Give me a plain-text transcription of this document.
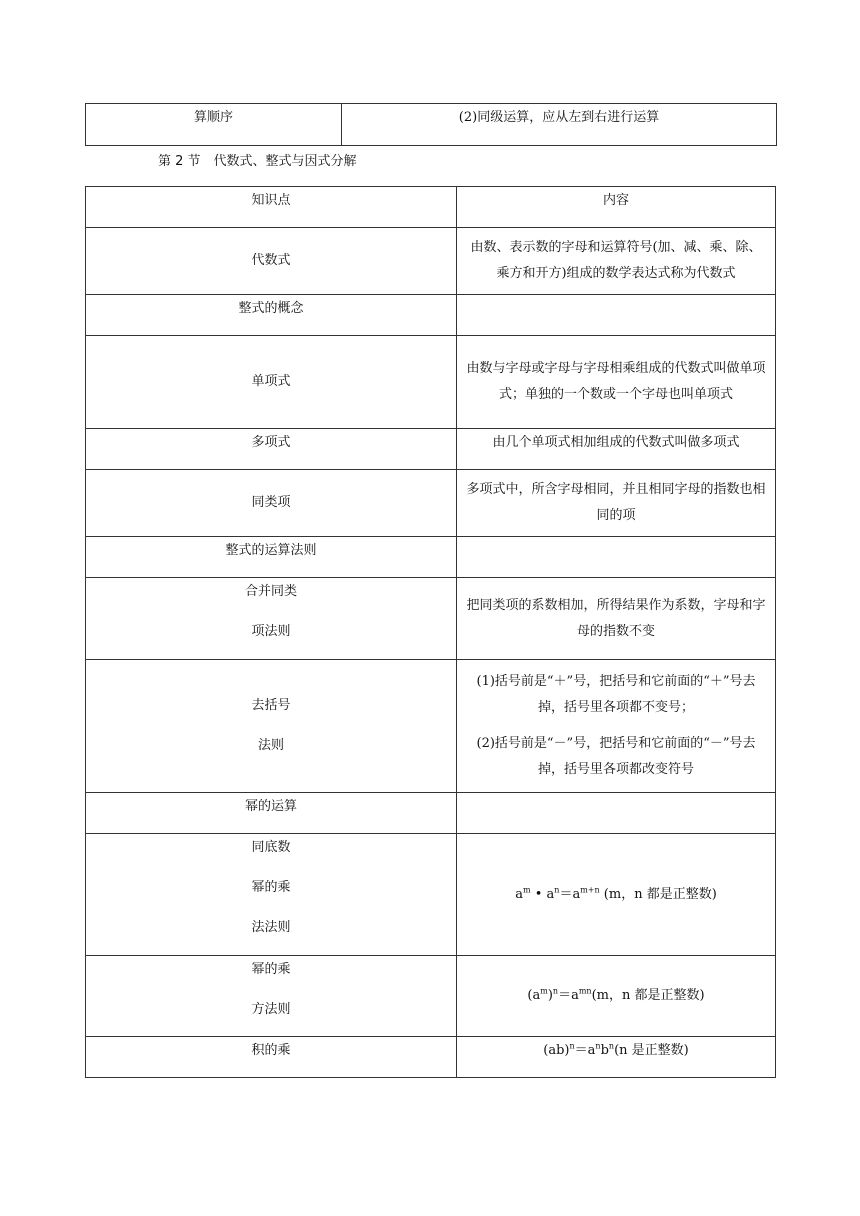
算顺序	(2)同级运算，应从左到右进行运算
第 2 节　代数式、整式与因式分解
知识点	内容
代数式	由数、表示数的字母和运算符号(加、减、乘、除、乘方和开方)组成的数学表达式称为代数式
整式的概念	
单项式	由数与字母或字母与字母相乘组成的代数式叫做单项式；单独的一个数或一个字母也叫单项式
多项式	由几个单项式相加组成的代数式叫做多项式
同类项	多项式中，所含字母相同，并且相同字母的指数也相同的项
整式的运算法则	

合并同类
项法则	把同类项的系数相加，所得结果作为系数，字母和字母的指数不变

去括号
法则	(1)括号前是“＋”号，把括号和它前面的“＋”号去掉，括号里各项都不变号；
(2)括号前是“－”号，把括号和它前面的“－”号去掉，括号里各项都改变符号

幂的运算	

同底数
幂的乘
法法则	$a^m$ • $a^n=a^{m+n}$ (m，n 都是正整数)

幂的乘
方法则	$(a^m)^n=a^{mn}(m$，n 都是正整数)
积的乘	$(ab)^n=a^nb^n(n$ 是正整数)
